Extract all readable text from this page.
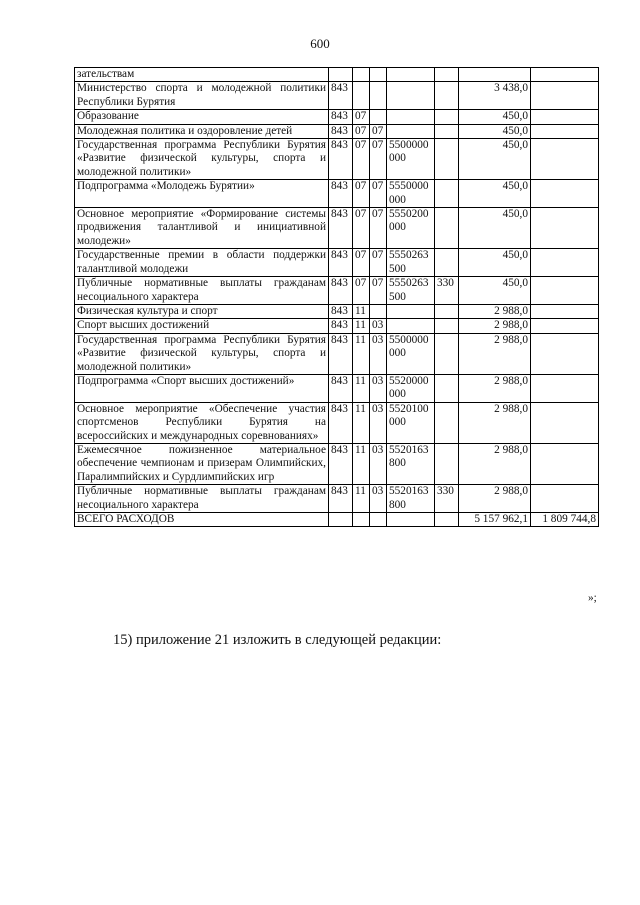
600
зательствам							
Министерство спорта и молодежной политики Республики Бурятия	843					3 438,0	
Образование	843	07				450,0	
Молодежная политика и оздоровление детей	843	07	07			450,0	
Государственная программа Республики Бурятия «Развитие физической культуры, спорта и молодежной политики»	843	07	07	5500000000		450,0	
Подпрограмма «Молодежь Бурятии»	843	07	07	5550000000		450,0	
Основное мероприятие «Формирование системы продвижения талантливой и инициативной молодежи»	843	07	07	5550200000		450,0	
Государственные премии в области поддержки талантливой молодежи	843	07	07	5550263500		450,0	
Публичные нормативные выплаты гражданам несоциального характера	843	07	07	5550263500	330	450,0	
Физическая культура и спорт	843	11				2 988,0	
Спорт высших достижений	843	11	03			2 988,0	
Государственная программа Республики Бурятия «Развитие физической культуры, спорта и молодежной политики»	843	11	03	5500000000		2 988,0	
Подпрограмма «Спорт высших достижений»	843	11	03	5520000000		2 988,0	
Основное мероприятие «Обеспечение участия спортсменов Республики Бурятия на всероссийских и международных соревнованиях»	843	11	03	5520100000		2 988,0	
Ежемесячное пожизненное материальное обеспечение чемпионам и призерам Олимпийских, Паралимпийских и Сурдлимпийских игр	843	11	03	5520163800		2 988,0	
Публичные нормативные выплаты гражданам несоциального характера	843	11	03	5520163800	330	2 988,0	
ВСЕГО РАСХОДОВ						5 157 962,1	1 809 744,8
»;
15) приложение 21 изложить в следующей редакции:
